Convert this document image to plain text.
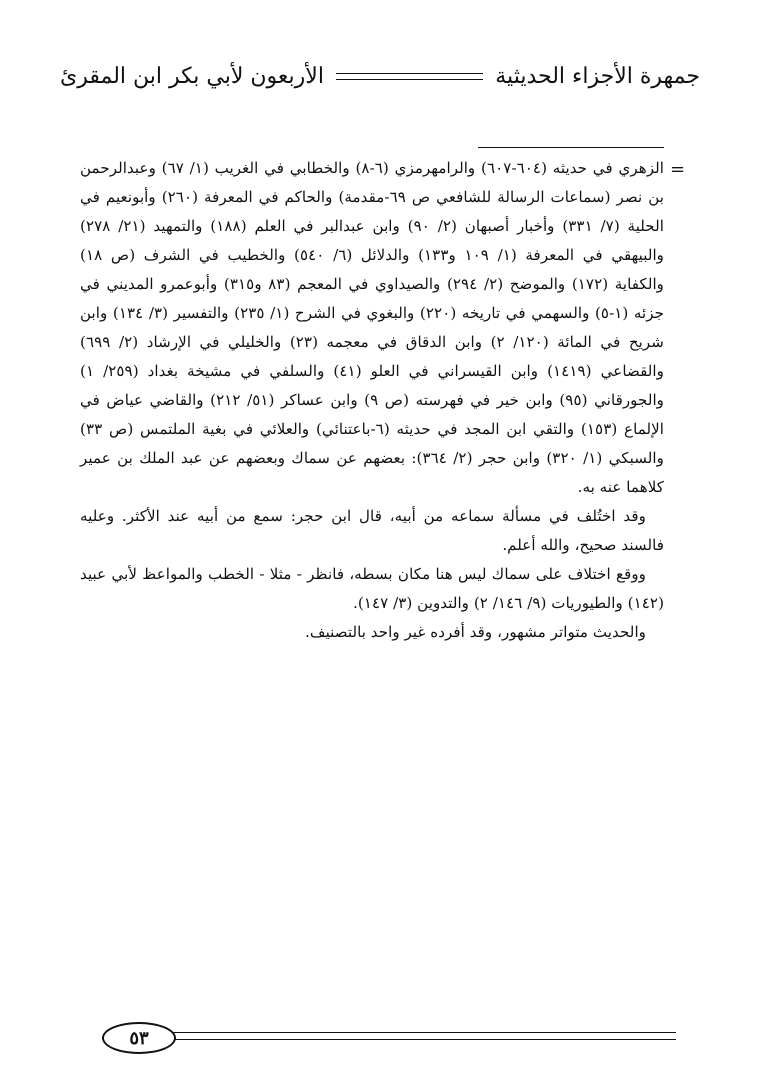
جمهرة الأجزاء الحديثية
الأربعون لأبي بكر ابن المقرئ
=

الزهري في حديثه (٦٠٤-٦٠٧) والرامهرمزي (٦-٨) والخطابي في الغريب (١/ ٦٧) وعبدالرحمن بن نصر (سماعات الرسالة للشافعي ص ٦٩-مقدمة) والحاكم في المعرفة (٢٦٠) وأبونعيم في الحلية (٧/ ٣٣١) وأخبار أصبهان (٢/ ٩٠) وابن عبدالبر في العلم (١٨٨) والتمهيد (٢١/ ٢٧٨) والبيهقي في المعرفة (١/ ١٠٩ و١٣٣) والدلائل (٦/ ٥٤٠) والخطيب في الشرف (ص ١٨) والكفاية (١٧٢) والموضح (٢/ ٢٩٤) والصيداوي في المعجم (٨٣ و٣١٥) وأبوعمرو المديني في جزئه (١-٥) والسهمي في تاريخه (٢٢٠) والبغوي في الشرح (١/ ٢٣٥) والتفسير (٣/ ١٣٤) وابن شريح في المائة (١٢٠/ ٢) وابن الدقاق في معجمه (٢٣) والخليلي في الإرشاد (٢/ ٦٩٩) والقضاعي (١٤١٩) وابن القيسراني في العلو (٤١) والسلفي في مشيخة بغداد (٢٥٩/ ١) والجورقاني (٩٥) وابن خير في فهرسته (ص ٩) وابن عساكر (٥١/ ٢١٢) والقاضي عياض في الإلماع (١٥٣) والتقي ابن المجد في حديثه (٦-باعتنائي) والعلائي في بغية الملتمس (ص ٣٣) والسبكي (١/ ٣٢٠) وابن حجر (٢/ ٣٦٤): بعضهم عن سماك وبعضهم عن عبد الملك بن عمير كلاهما عنه به.

وقد اختُلف في مسألة سماعه من أبيه، قال ابن حجر: سمع من أبيه عند الأكثر. وعليه فالسند صحيح، والله أعلم.

ووقع اختلاف على سماك ليس هنا مكان بسطه، فانظر - مثلا - الخطب والمواعظ لأبي عبيد (١٤٢) والطيوريات (٩/ ١٤٦/ ٢) والتدوين (٣/ ١٤٧).

والحديث متواتر مشهور، وقد أفرده غير واحد بالتصنيف.

٥٣
